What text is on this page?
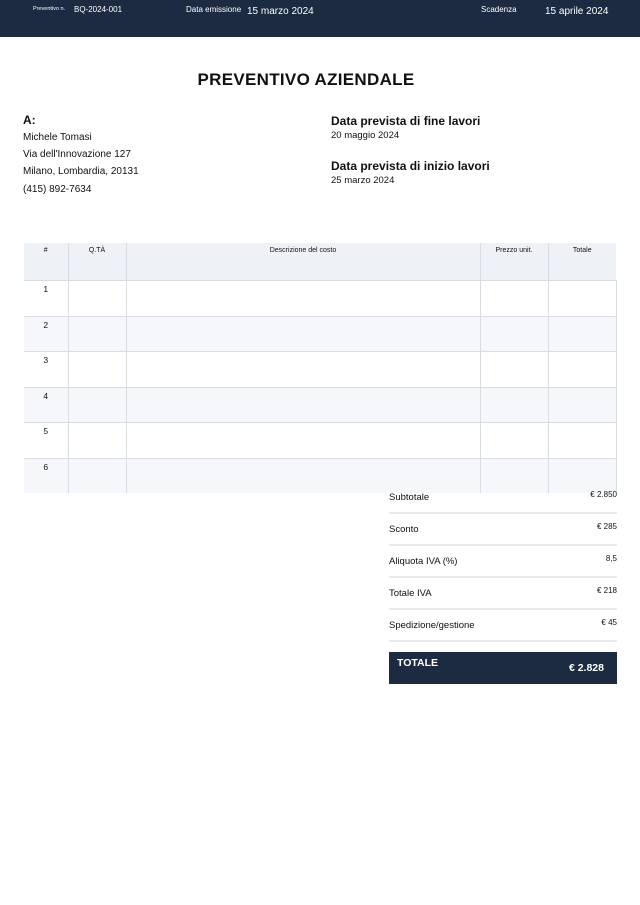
Preventivo n. BQ-2024-001	Data emissione 15 marzo 2024	Scadenza	15 aprile 2024
PREVENTIVO AZIENDALE
A:
Michele Tomasi
Via dell'Innovazione 127
Milano, Lombardia, 20131
(415) 892-7634
Data prevista di fine lavori
20 maggio 2024
Data prevista di inizio lavori
25 marzo 2024
#	Q.TÀ	Descrizione del costo	Prezzo unit.	Totale
1				
2				
3				
4				
5				
6				
Subtotale	€ 2.850
Sconto	€ 285
Aliquota IVA (%)	8,5
Totale IVA	€ 218
Spedizione/gestione	€ 45
TOTALE	€ 2.828
